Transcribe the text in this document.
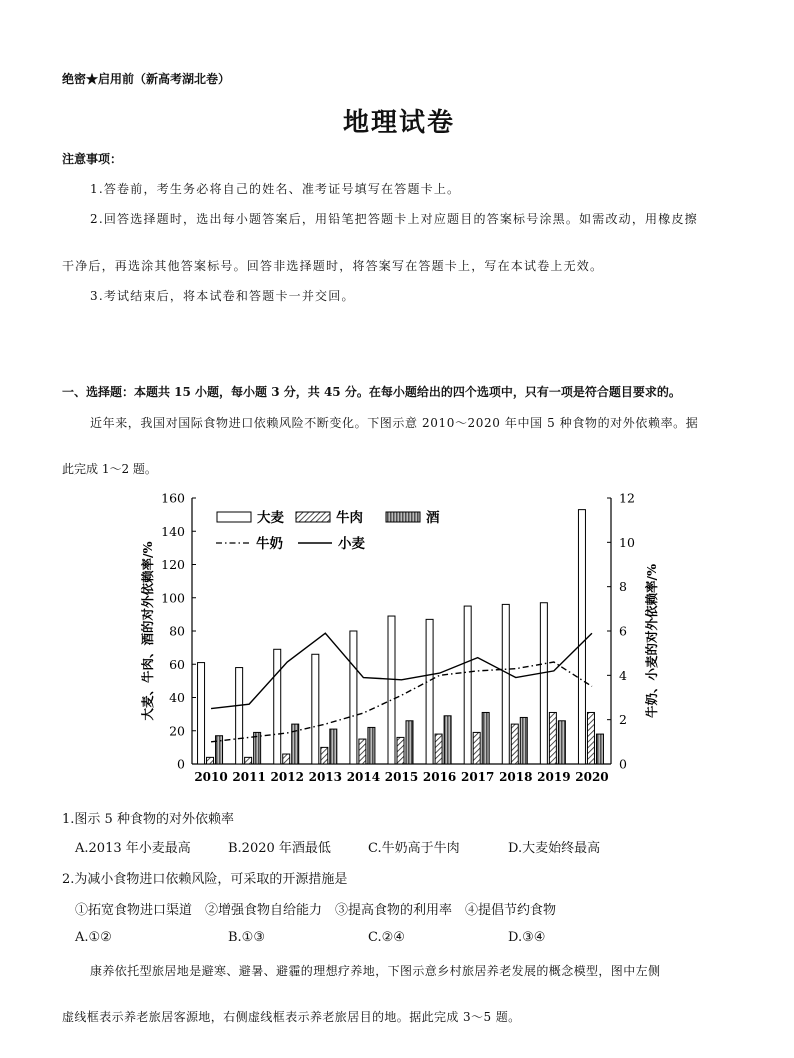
绝密★启用前（新高考湖北卷）
地理试卷
注意事项：
1.答卷前，考生务必将自己的姓名、准考证号填写在答题卡上。
2.回答选择题时，选出每小题答案后，用铅笔把答题卡上对应题目的答案标号涂黑。如需改动，用橡皮擦
干净后，再选涂其他答案标号。回答非选择题时，将答案写在答题卡上，写在本试卷上无效。
3.考试结束后，将本试卷和答题卡一并交回。
一、选择题：本题共 15 小题，每小题 3 分，共 45 分。在每小题给出的四个选项中，只有一项是符合题目要求的。
近年来，我国对国际食物进口依赖风险不断变化。下图示意 2010～2020 年中国 5 种食物的对外依赖率。据
此完成 1～2 题。
0
20
40
60
80
100
120
140
160
0
2
4
6
8
10
12
2010 2011 2012 2013 2014 2015 2016 2017 2018 2019 2020
大麦、牛肉、酒的对外依赖率/%	牛奶、小麦的对外依赖率/%
大麦	牛肉	酒
牛奶	小麦
1.图示 5 种食物的对外依赖率
A.2013 年小麦最高	B.2020 年酒最低	C.牛奶高于牛肉	D.大麦始终最高
2.为减小食物进口依赖风险，可采取的开源措施是
①拓宽食物进口渠道　②增强食物自给能力　③提高食物的利用率　④提倡节约食物
A.①②	B.①③	C.②④	D.③④
康养依托型旅居地是避寒、避暑、避霾的理想疗养地，下图示意乡村旅居养老发展的概念模型，图中左侧
虚线框表示养老旅居客源地，右侧虚线框表示养老旅居目的地。据此完成 3～5 题。
